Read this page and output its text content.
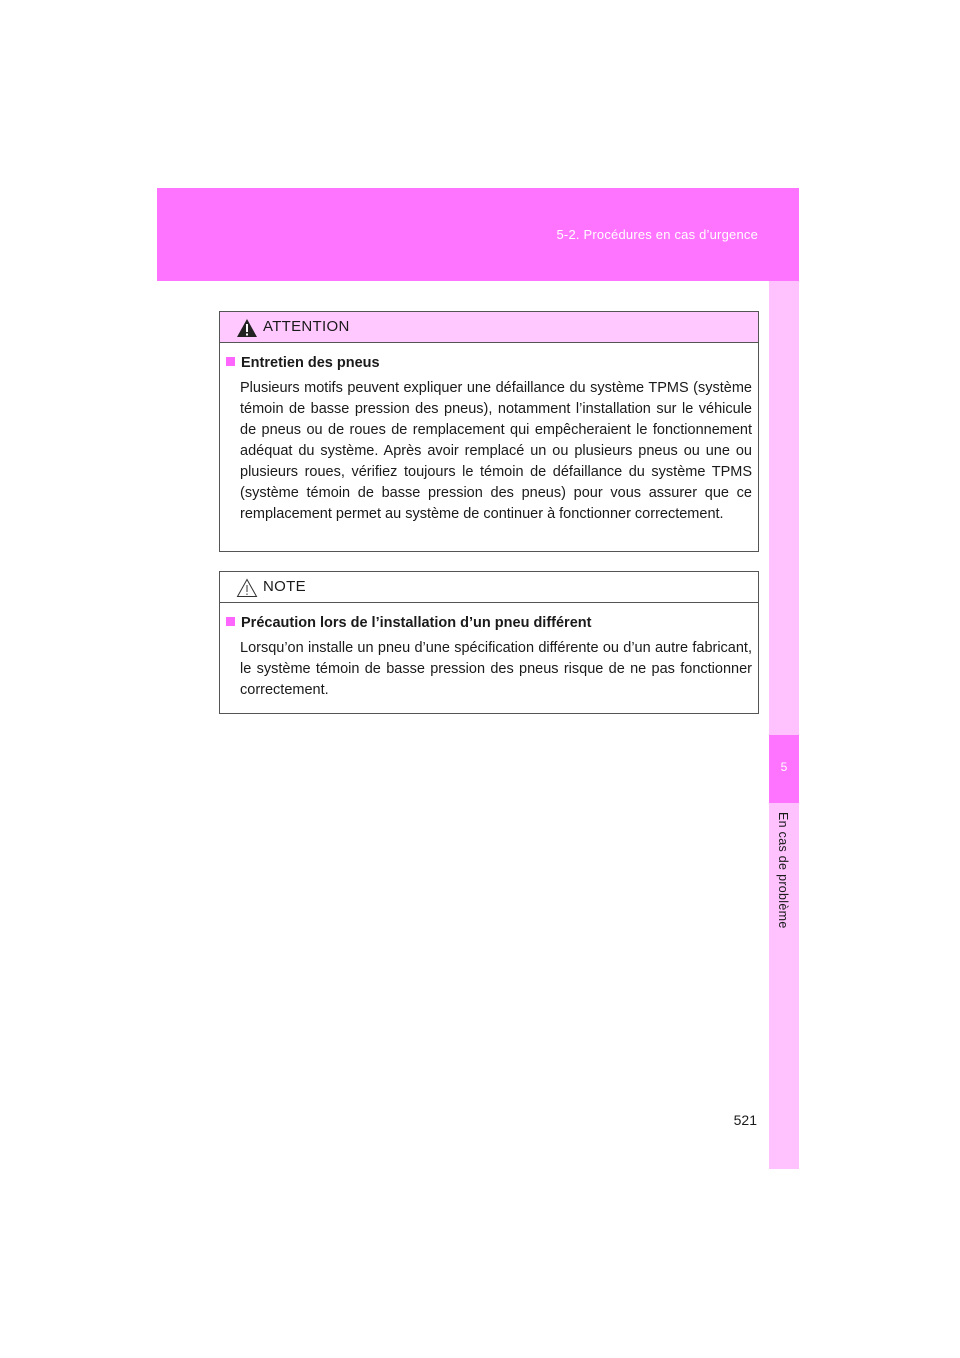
5-2. Procédures en cas d’urgence
5
En cas de problème
ATTENTION
Entretien des pneus
Plusieurs motifs peuvent expliquer une défaillance du système TPMS (système témoin de basse pression des pneus), notamment l’installation sur le véhicule de pneus ou de roues de remplacement qui empêcheraient le fonctionnement adéquat du système. Après avoir remplacé un ou plusieurs pneus ou une ou plusieurs roues, vérifiez toujours le témoin de défaillance du système TPMS (système témoin de basse pression des pneus) pour vous assurer que ce remplacement permet au système de continuer à fonctionner correctement.
NOTE
Précaution lors de l’installation d’un pneu différent
Lorsqu’on installe un pneu d’une spécification différente ou d’un autre fabricant, le système témoin de basse pression des pneus risque de ne pas fonctionner correctement.
521
